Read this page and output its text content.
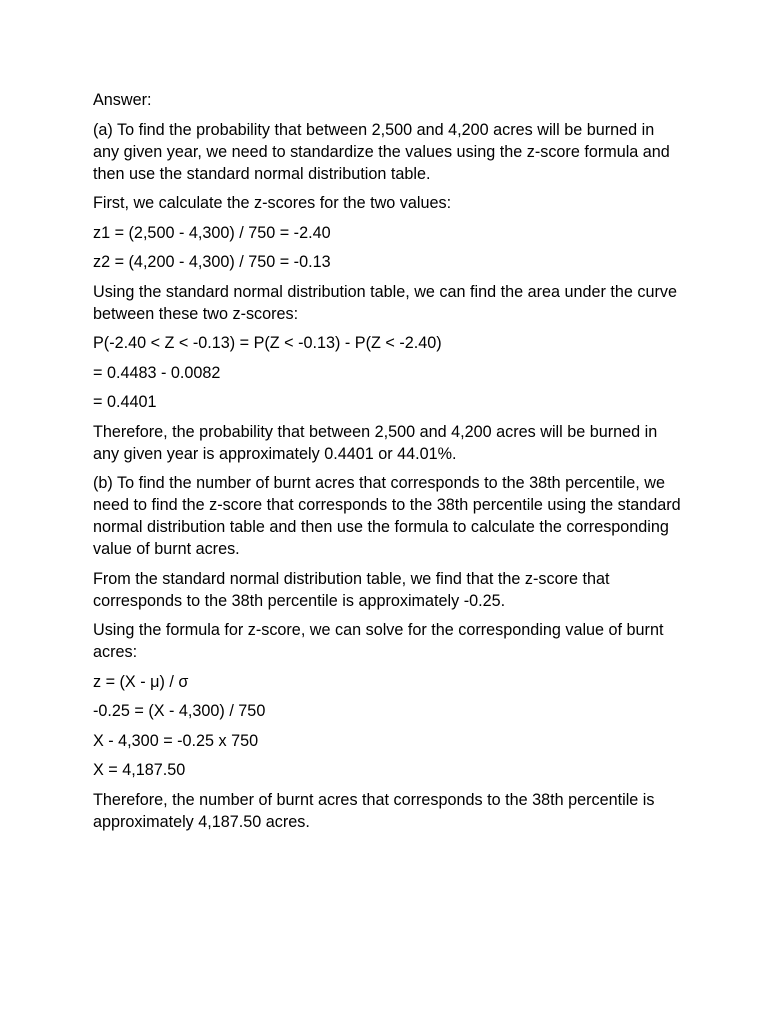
Answer:

(a) To find the probability that between 2,500 and 4,200 acres will be burned in any given year, we need to standardize the values using the z-score formula and then use the standard normal distribution table.

First, we calculate the z-scores for the two values:

z1 = (2,500 - 4,300) / 750 = -2.40

z2 = (4,200 - 4,300) / 750 = -0.13

Using the standard normal distribution table, we can find the area under the curve between these two z-scores:

P(-2.40 < Z < -0.13) = P(Z < -0.13) - P(Z < -2.40)

= 0.4483 - 0.0082

= 0.4401

Therefore, the probability that between 2,500 and 4,200 acres will be burned in any given year is approximately 0.4401 or 44.01%.

(b) To find the number of burnt acres that corresponds to the 38th percentile, we need to find the z-score that corresponds to the 38th percentile using the standard normal distribution table and then use the formula to calculate the corresponding value of burnt acres.

From the standard normal distribution table, we find that the z-score that corresponds to the 38th percentile is approximately -0.25.

Using the formula for z-score, we can solve for the corresponding value of burnt acres:

z = (X - μ) / σ

-0.25 = (X - 4,300) / 750

X - 4,300 = -0.25 x 750

X = 4,187.50

Therefore, the number of burnt acres that corresponds to the 38th percentile is approximately 4,187.50 acres.
